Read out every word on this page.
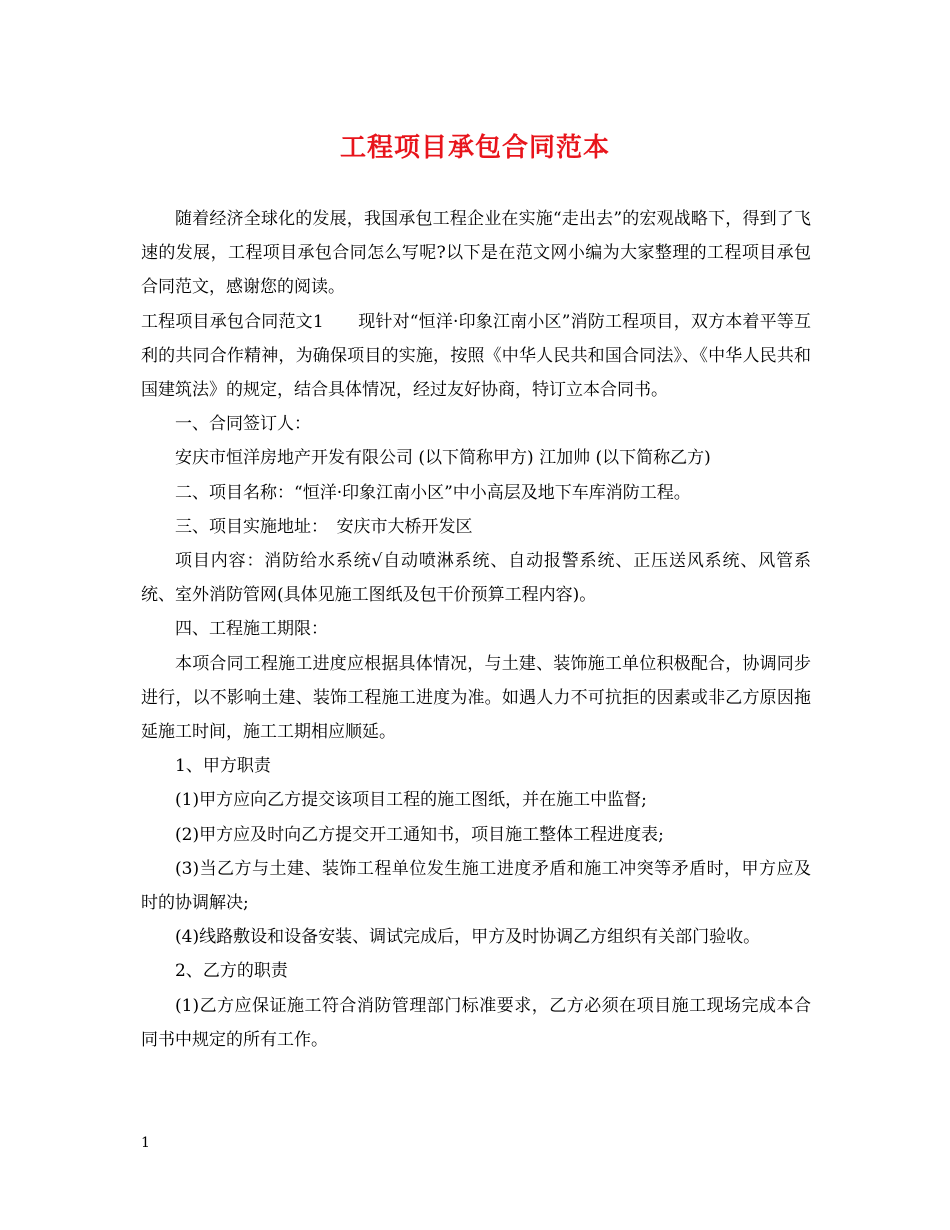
工程项目承包合同范本

随着经济全球化的发展，我国承包工程企业在实施“走出去”的宏观战略下，得到了飞速的发展，工程项目承包合同怎么写呢?以下是在范文网小编为大家整理的工程项目承包合同范文，感谢您的阅读。

工程项目承包合同范文1　　现针对“恒洋·印象江南小区”消防工程项目，双方本着平等互利的共同合作精神，为确保项目的实施，按照《中华人民共和国合同法》、《中华人民共和国建筑法》的规定，结合具体情况，经过友好协商，特订立本合同书。

一、合同签订人：

安庆市恒洋房地产开发有限公司 (以下简称甲方) 江加帅 (以下简称乙方)

二、项目名称：“恒洋·印象江南小区”中小高层及地下车库消防工程。

三、项目实施地址：　安庆市大桥开发区

项目内容：消防给水系统√自动喷淋系统、自动报警系统、正压送风系统、风管系统、室外消防管网(具体见施工图纸及包干价预算工程内容)。

四、工程施工期限：

本项合同工程施工进度应根据具体情况，与土建、装饰施工单位积极配合，协调同步进行，以不影响土建、装饰工程施工进度为准。如遇人力不可抗拒的因素或非乙方原因拖延施工时间，施工工期相应顺延。

1、甲方职责

(1)甲方应向乙方提交该项目工程的施工图纸，并在施工中监督;

(2)甲方应及时向乙方提交开工通知书，项目施工整体工程进度表;

(3)当乙方与土建、装饰工程单位发生施工进度矛盾和施工冲突等矛盾时，甲方应及时的协调解决;

(4)线路敷设和设备安装、调试完成后，甲方及时协调乙方组织有关部门验收。

2、乙方的职责

(1)乙方应保证施工符合消防管理部门标准要求，乙方必须在项目施工现场完成本合同书中规定的所有工作。

1
